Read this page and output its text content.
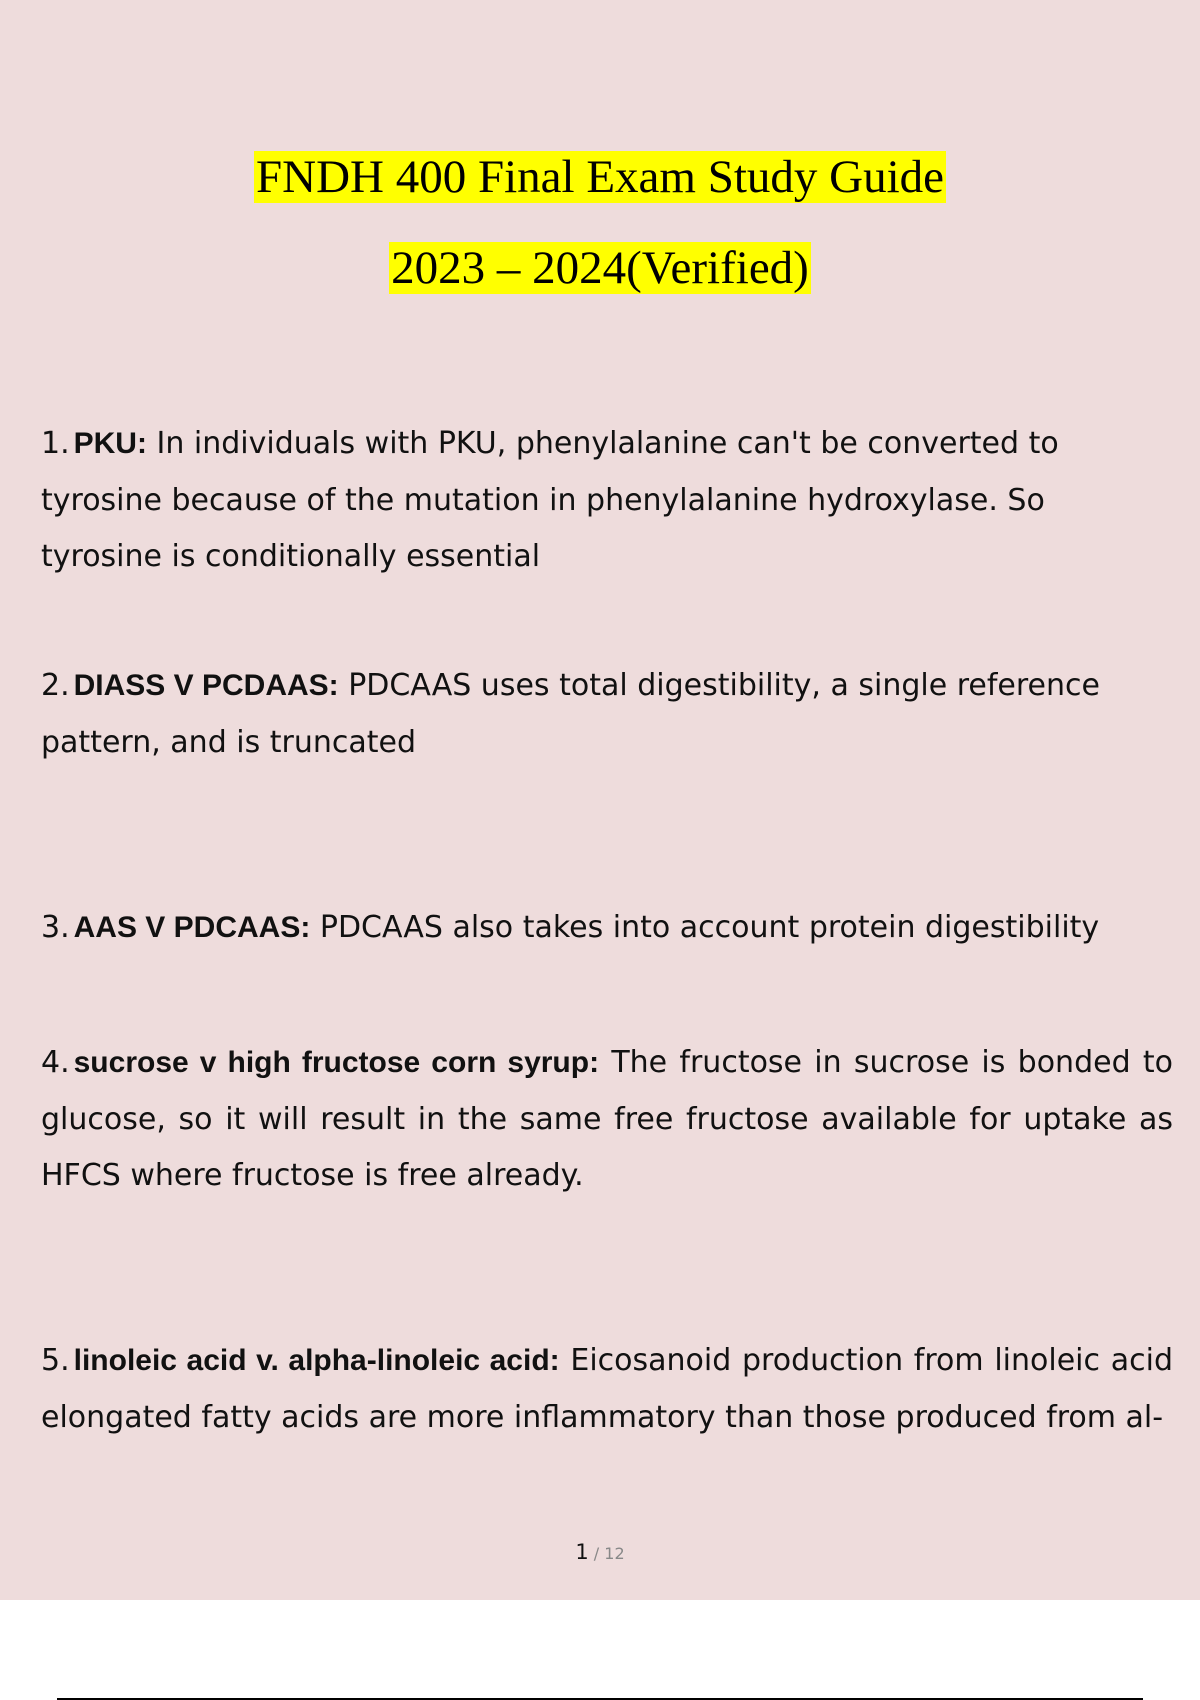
FNDH 400 Final Exam Study Guide
2023 – 2024(Verified)
1. PKU: In individuals with PKU, phenylalanine can't be converted to tyrosine because of the mutation in phenylalanine hydroxylase. So tyrosine is conditionally essential
2. DIASS V PCDAAS: PDCAAS uses total digestibility, a single reference pattern, and is truncated
3. AAS V PDCAAS: PDCAAS also takes into account protein digestibility
4. sucrose v high fructose corn syrup: The fructose in sucrose is bonded to glucose, so it will result in the same free fructose available for uptake as HFCS where fructose is free already.
5. linoleic acid v. alpha-linoleic acid: Eicosanoid production from linoleic acid elongated fatty acids are more inflammatory than those produced from al-
1 / 12
